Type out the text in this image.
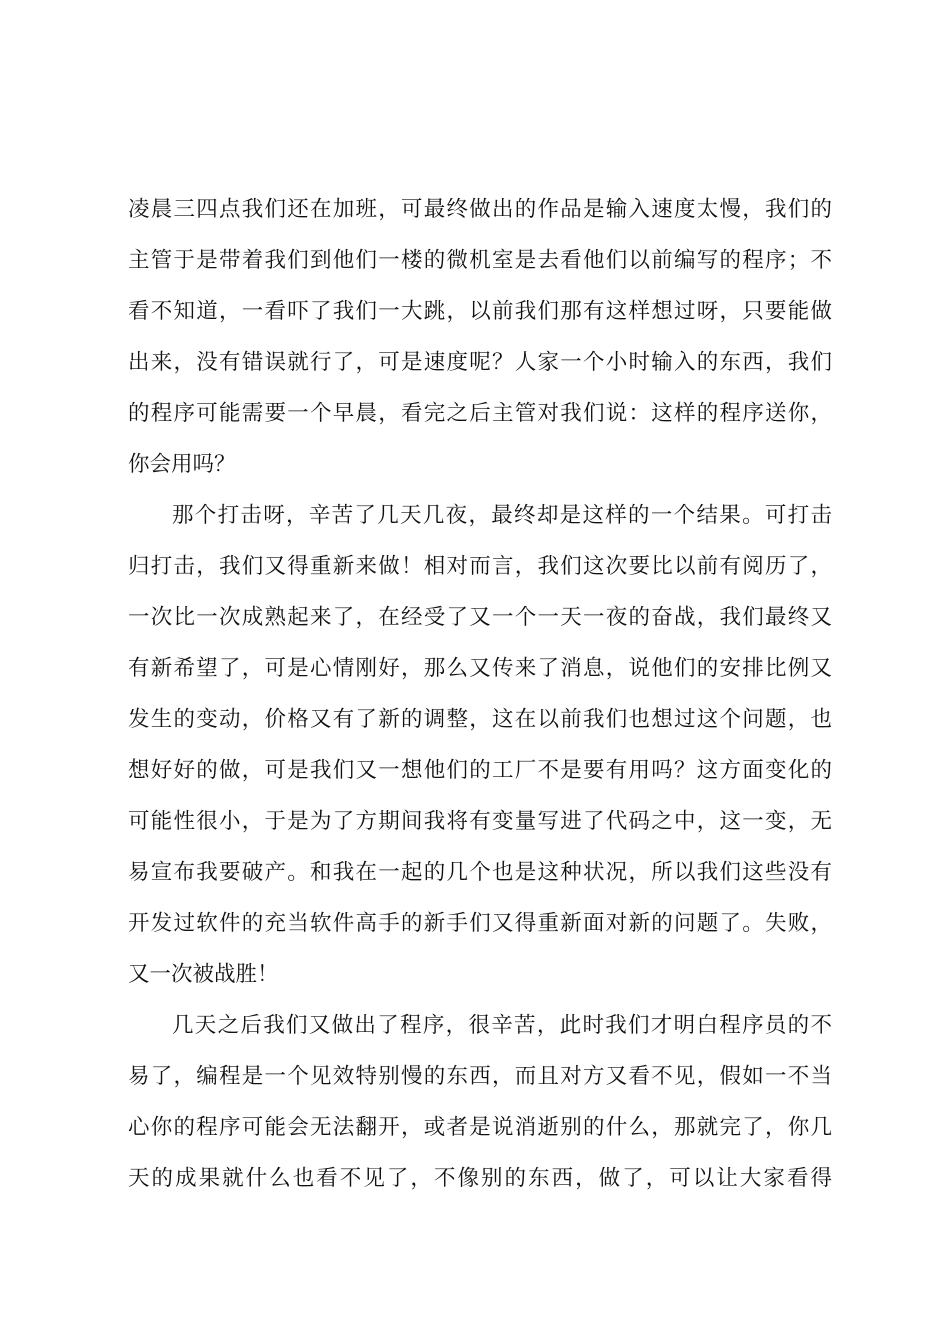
凌晨三四点我们还在加班，可最终做出的作品是输入速度太慢，我们的
主管于是带着我们到他们一楼的微机室是去看他们以前编写的程序；不
看不知道，一看吓了我们一大跳，以前我们那有这样想过呀，只要能做
出来，没有错误就行了，可是速度呢？人家一个小时输入的东西，我们
的程序可能需要一个早晨，看完之后主管对我们说：这样的程序送你，
你会用吗？
那个打击呀，辛苦了几天几夜，最终却是这样的一个结果。可打击
归打击，我们又得重新来做！相对而言，我们这次要比以前有阅历了，
一次比一次成熟起来了，在经受了又一个一天一夜的奋战，我们最终又
有新希望了，可是心情刚好，那么又传来了消息，说他们的安排比例又
发生的变动，价格又有了新的调整，这在以前我们也想过这个问题，也
想好好的做，可是我们又一想他们的工厂不是要有用吗？这方面变化的
可能性很小，于是为了方期间我将有变量写进了代码之中，这一变，无
易宣布我要破产。和我在一起的几个也是这种状况，所以我们这些没有
开发过软件的充当软件高手的新手们又得重新面对新的问题了。失败，
又一次被战胜！
几天之后我们又做出了程序，很辛苦，此时我们才明白程序员的不
易了，编程是一个见效特别慢的东西，而且对方又看不见，假如一不当
心你的程序可能会无法翻开，或者是说消逝别的什么，那就完了，你几
天的成果就什么也看不见了，不像别的东西，做了，可以让大家看得
